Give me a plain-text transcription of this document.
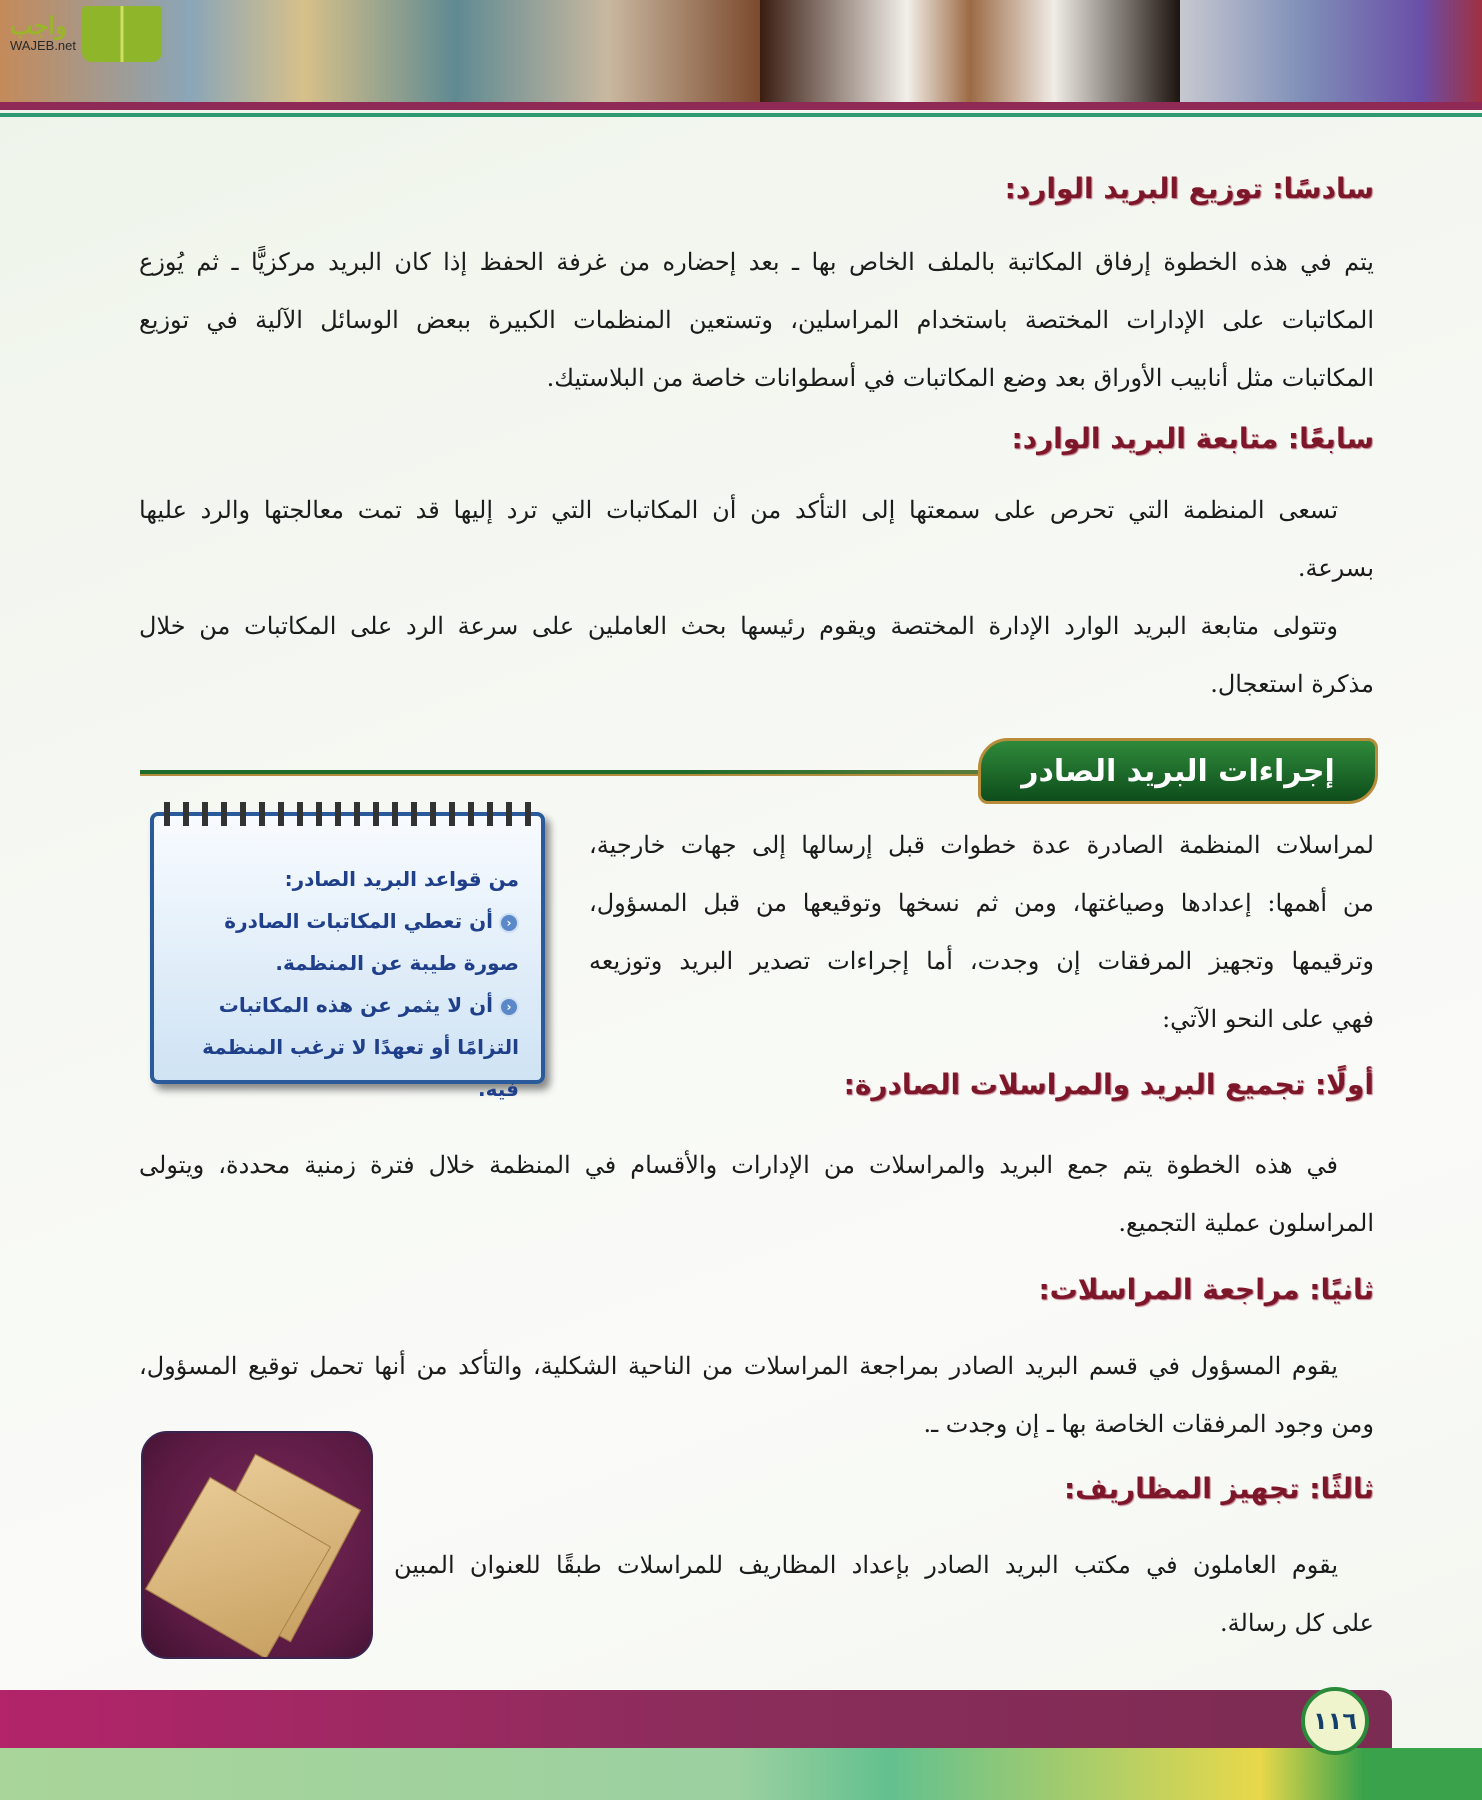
واجب
WAJEB.net
سادسًا: توزيع البريد الوارد:
يتم في هذه الخطوة إرفاق المكاتبة بالملف الخاص بها ـ بعد إحضاره من غرفة الحفظ إذا كان البريد مركزيًّا ـ ثم يُوزع
المكاتبات على الإدارات المختصة باستخدام المراسلين، وتستعين المنظمات الكبيرة ببعض الوسائل الآلية في توزيع
المكاتبات مثل أنابيب الأوراق بعد وضع المكاتبات في أسطوانات خاصة من البلاستيك.
سابعًا: متابعة البريد الوارد:
تسعى المنظمة التي تحرص على سمعتها إلى التأكد من أن المكاتبات التي ترد إليها قد تمت معالجتها والرد عليها
بسرعة.
وتتولى متابعة البريد الوارد الإدارة المختصة ويقوم رئيسها بحث العاملين على سرعة الرد على المكاتبات من خلال
مذكرة استعجال.
إجراءات البريد الصادر
من قواعد البريد الصادر:
‹أن تعطي المكاتبات الصادرة صورة طيبة عن المنظمة.
‹أن لا يثمر عن هذه المكاتبات التزامًا أو تعهدًا لا ترغب المنظمة فيه.
لمراسلات المنظمة الصادرة عدة خطوات قبل إرسالها إلى جهات خارجية،
من أهمها: إعدادها وصياغتها، ومن ثم نسخها وتوقيعها من قبل المسؤول،
وترقيمها وتجهيز المرفقات إن وجدت، أما إجراءات تصدير البريد وتوزيعه
فهي على النحو الآتي:
أولًا: تجميع البريد والمراسلات الصادرة:
في هذه الخطوة يتم جمع البريد والمراسلات من الإدارات والأقسام في المنظمة خلال فترة زمنية محددة، ويتولى
المراسلون عملية التجميع.
ثانيًا: مراجعة المراسلات:
يقوم المسؤول في قسم البريد الصادر بمراجعة المراسلات من الناحية الشكلية، والتأكد من أنها تحمل توقيع المسؤول،
ومن وجود المرفقات الخاصة بها ـ إن وجدت ـ.
ثالثًا: تجهيز المظاريف:
يقوم العاملون في مكتب البريد الصادر بإعداد المظاريف للمراسلات طبقًا للعنوان المبين
على كل رسالة.
١١٦
